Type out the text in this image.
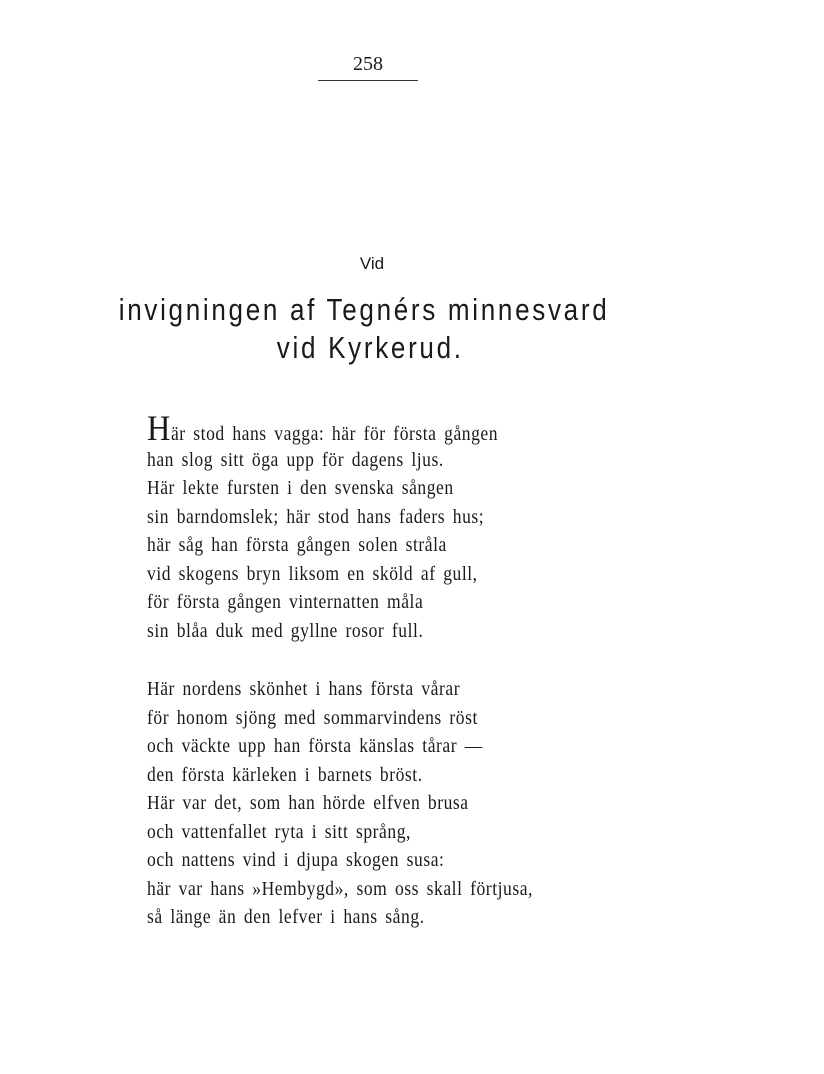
258
Vid
invigningen af Tegnérs minnesvard
vid Kyrkerud.
Här stod hans vagga: här för första gången
han slog sitt öga upp för dagens ljus.
Här lekte fursten i den svenska sången
sin barndomslek; här stod hans faders hus;
här såg han första gången solen stråla
vid skogens bryn liksom en sköld af gull,
för första gången vinternatten måla
sin blåa duk med gyllne rosor full.
Här nordens skönhet i hans första vårar
för honom sjöng med sommarvindens röst
och väckte upp han första känslas tårar —
den första kärleken i barnets bröst.
Här var det, som han hörde elfven brusa
och vattenfallet ryta i sitt språng,
och nattens vind i djupa skogen susa:
här var hans »Hembygd», som oss skall förtjusa,
så länge än den lefver i hans sång.
